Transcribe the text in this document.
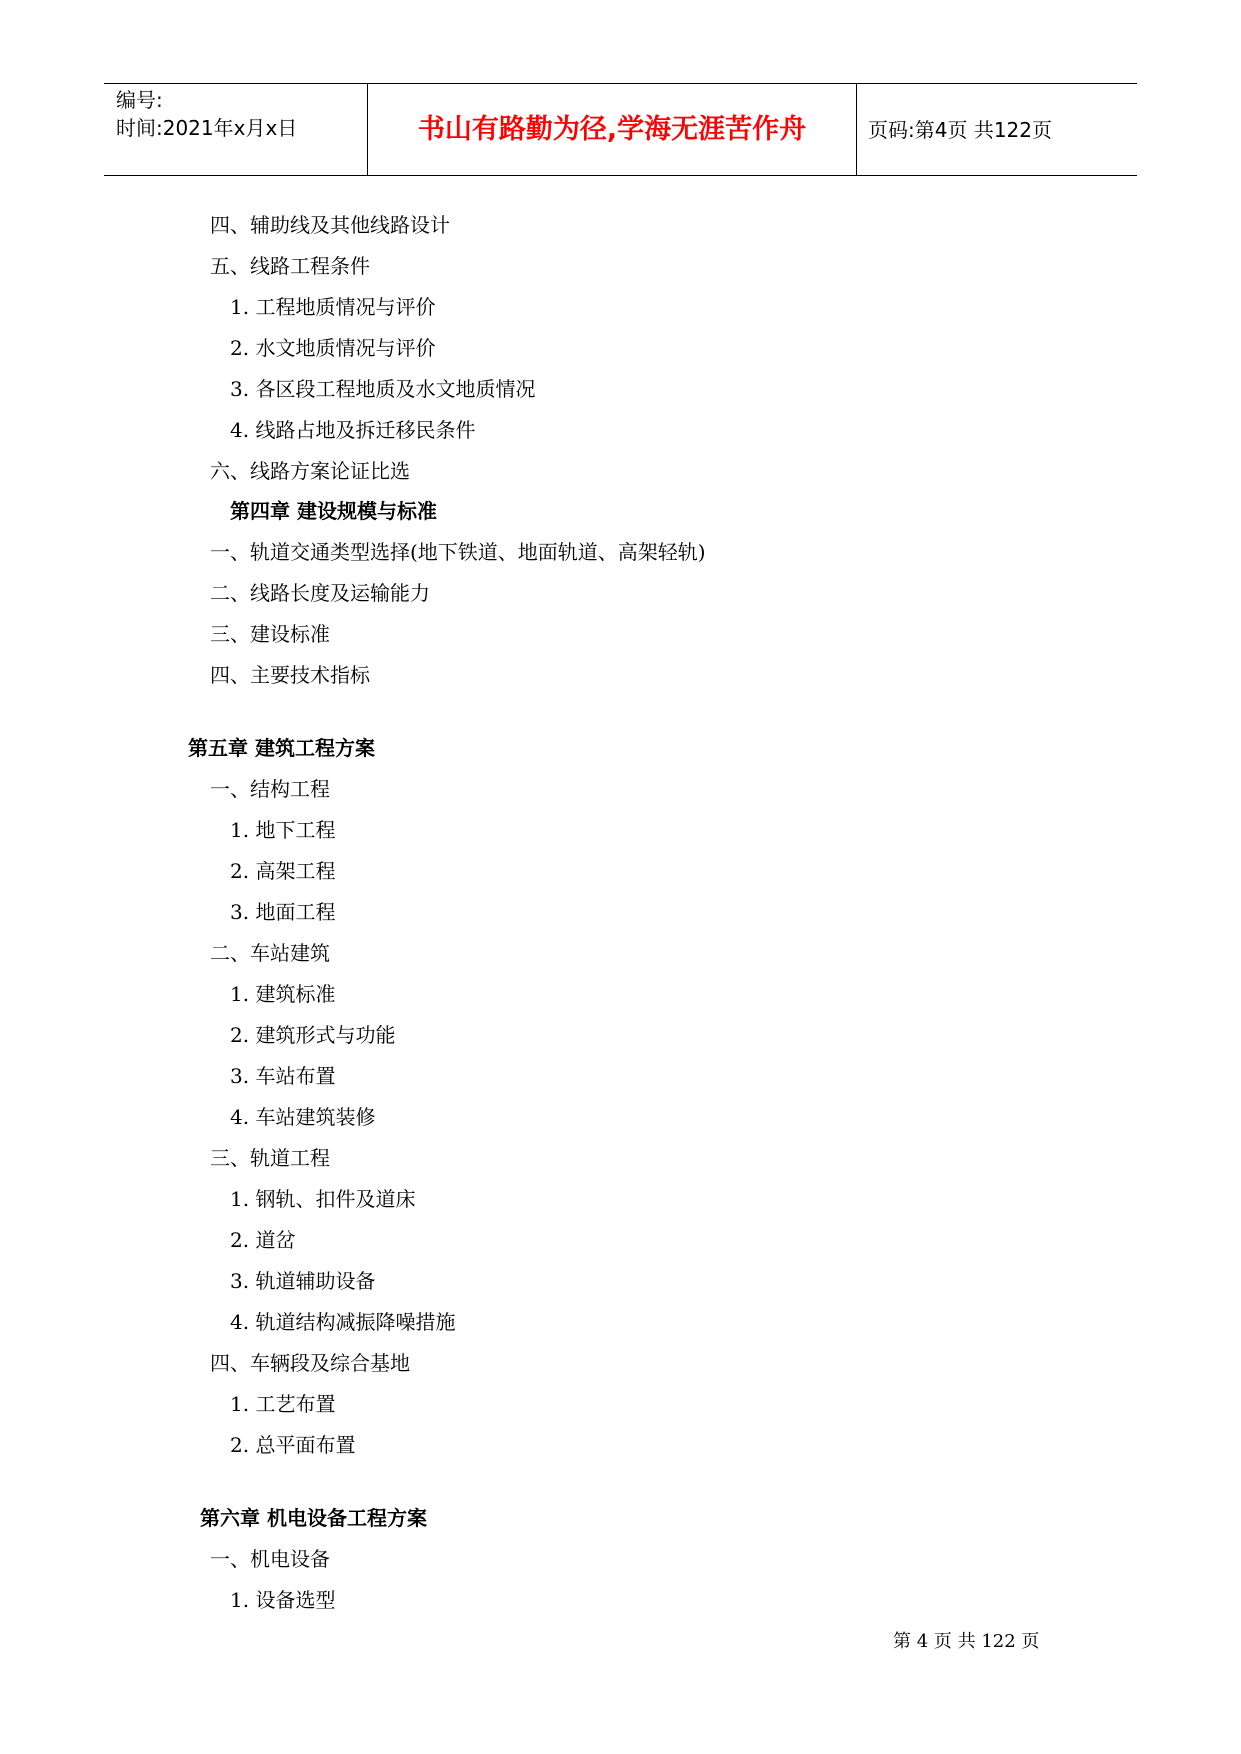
编号:
时间:2021年x月x日	书山有路勤为径,学海无涯苦作舟	页码:第4页 共122页
四、辅助线及其他线路设计
五、线路工程条件
1. 工程地质情况与评价
2. 水文地质情况与评价
3. 各区段工程地质及水文地质情况
4. 线路占地及拆迁移民条件
六、线路方案论证比选
第四章 建设规模与标准
一、轨道交通类型选择(地下铁道、地面轨道、高架轻轨)
二、线路长度及运输能力
三、建设标准
四、主要技术指标
第五章 建筑工程方案
一、结构工程
1. 地下工程
2. 高架工程
3. 地面工程
二、车站建筑
1. 建筑标准
2. 建筑形式与功能
3. 车站布置
4. 车站建筑装修
三、轨道工程
1. 钢轨、扣件及道床
2. 道岔
3. 轨道辅助设备
4. 轨道结构减振降噪措施
四、车辆段及综合基地
1. 工艺布置
2. 总平面布置
第六章 机电设备工程方案
一、机电设备
1. 设备选型
第 4 页 共 122 页
